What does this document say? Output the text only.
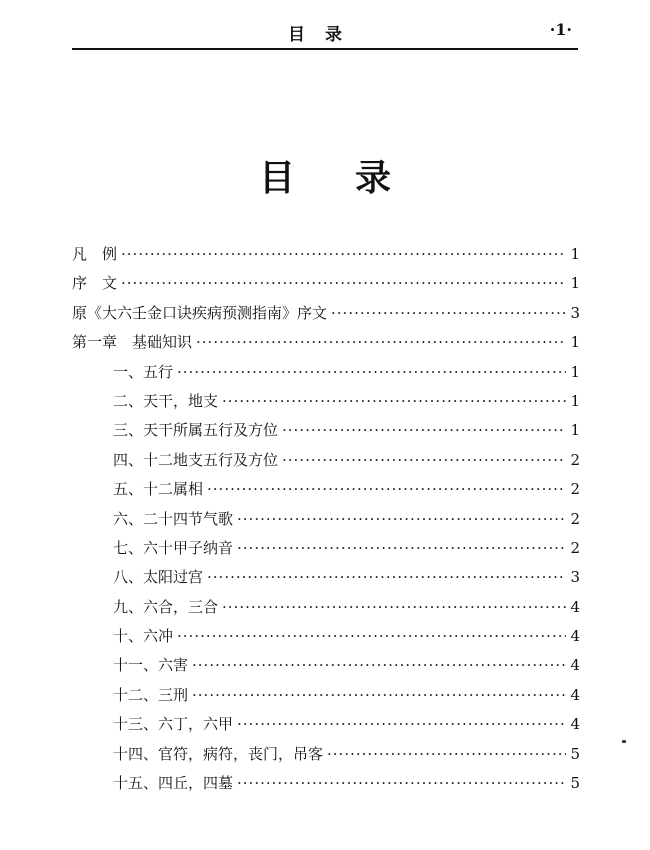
目录	·1·
目录
凡　例 ·····	1
序　文 ·····	1
原《大六壬金口诀疾病预测指南》序文 ·····	3
第一章　基础知识 ·····	1
一、五行 ·····	1
二、天干，地支 ·····	1
三、天干所属五行及方位 ·····	1
四、十二地支五行及方位 ·····	2
五、十二属相 ·····	2
六、二十四节气歌 ·····	2
七、六十甲子纳音 ·····	2
八、太阳过宫 ·····	3
九、六合，三合 ·····	4
十、六冲 ·····	4
十一、六害 ·····	4
十二、三刑 ·····	4
十三、六丁，六甲 ·····	4
十四、官符，病符，丧门，吊客 ·····	5
十五、四丘，四墓 ·····	5
